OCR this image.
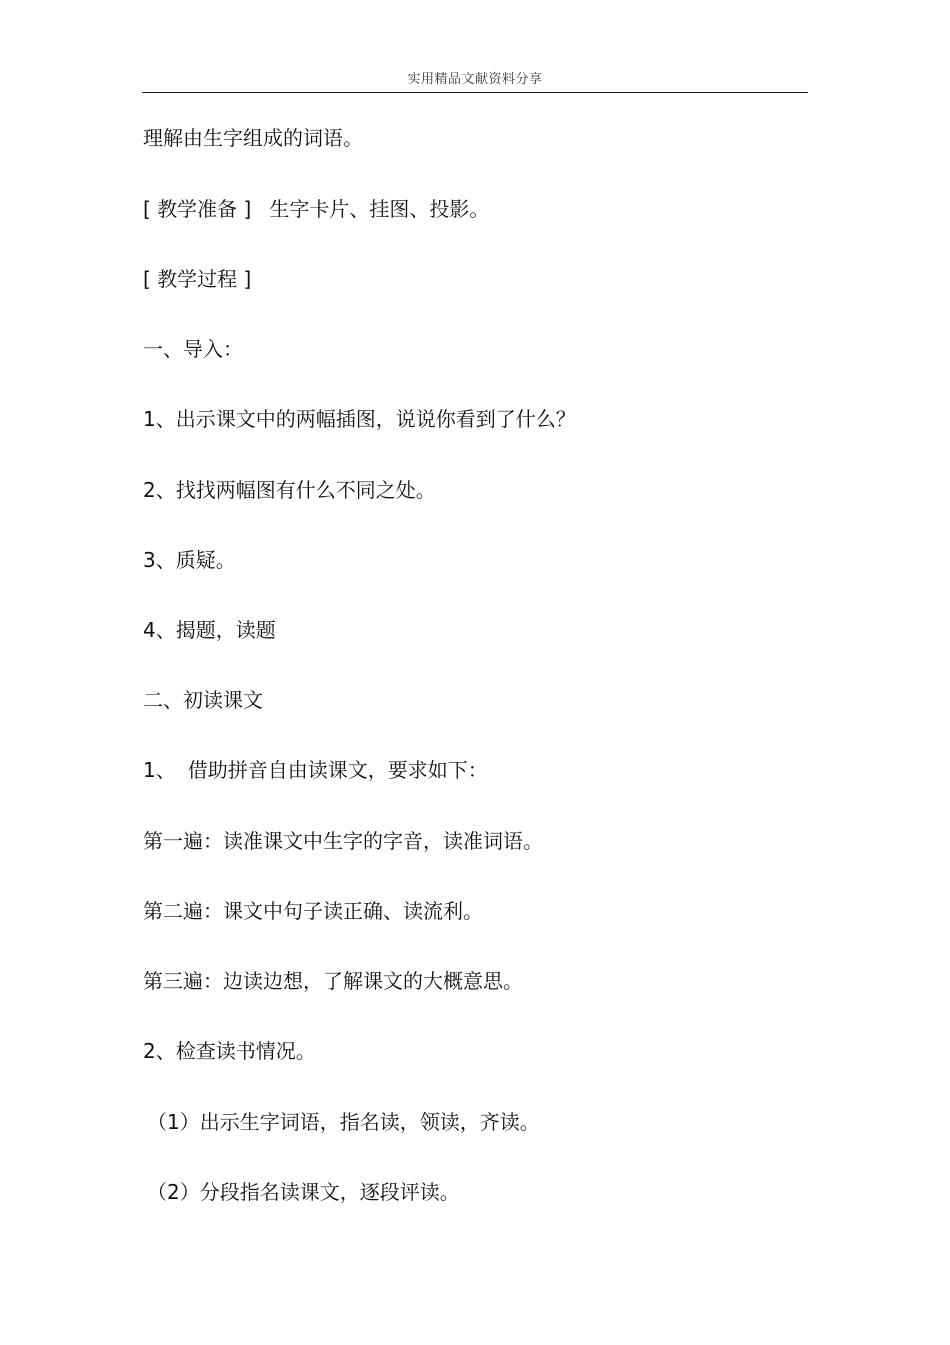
实用精品文献资料分享
理解由生字组成的词语。
[ 教学准备 ] 生字卡片、挂图、投影。
[ 教学过程 ]
一、导入：
1、出示课文中的两幅插图，说说你看到了什么？
2、找找两幅图有什么不同之处。
3、质疑。
4、揭题，读题
二、初读课文
1、 借助拼音自由读课文，要求如下：
第一遍：读准课文中生字的字音，读准词语。
第二遍：课文中句子读正确、读流利。
第三遍：边读边想，了解课文的大概意思。
2、检查读书情况。
（1）出示生字词语，指名读，领读，齐读。
（2）分段指名读课文，逐段评读。
